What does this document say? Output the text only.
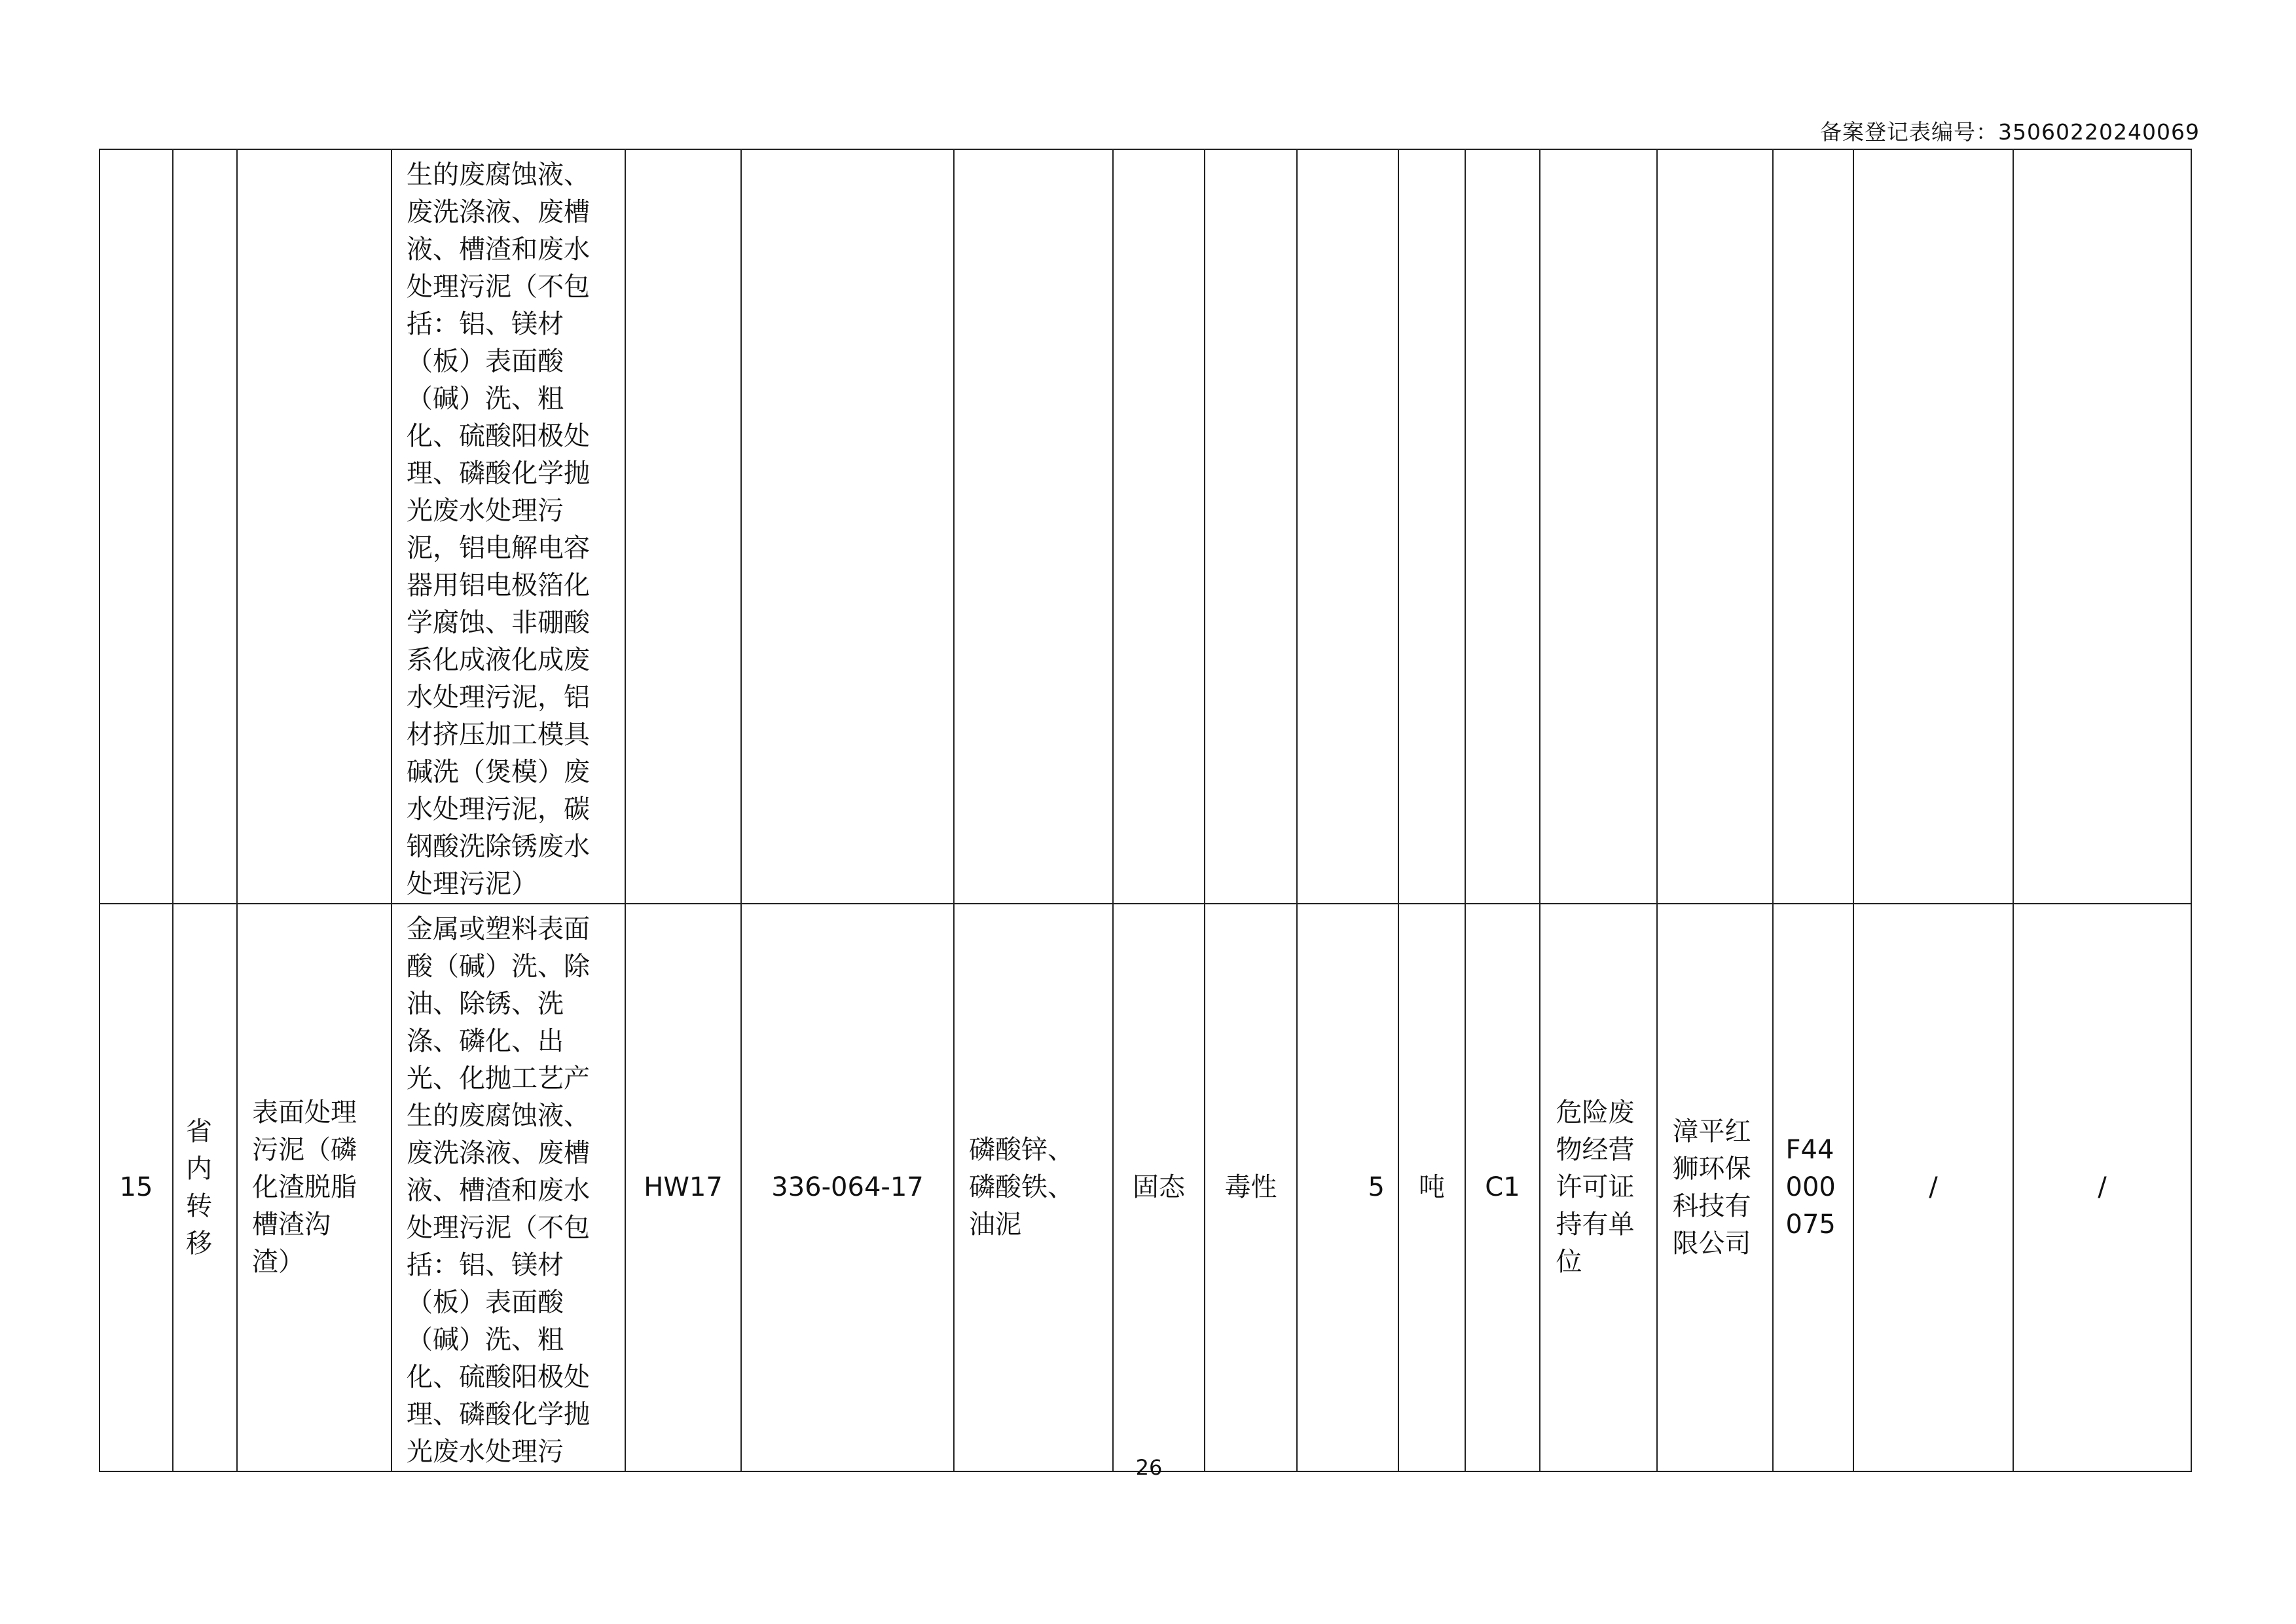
备案登记表编号：35060220240069

			生的废腐蚀液、废洗涤液、废槽液、槽渣和废水处理污泥（不包括：铝、镁材（板）表面酸（碱）洗、粗化、硫酸阳极处理、磷酸化学抛光废水处理污泥，铝电解电容器用铝电极箔化学腐蚀、非硼酸系化成液化成废水处理污泥，铝材挤压加工模具碱洗（煲模）废水处理污泥，碳钢酸洗除锈废水处理污泥）													

15	省内转移	表面处理污泥（磷化渣脱脂槽渣沟渣）	金属或塑料表面酸（碱）洗、除油、除锈、洗涤、磷化、出光、化抛工艺产生的废腐蚀液、废洗涤液、废槽液、槽渣和废水处理污泥（不包括：铝、镁材（板）表面酸（碱）洗、粗化、硫酸阳极处理、磷酸化学抛光废水处理污	HW17	336-064-17	磷酸锌、磷酸铁、油泥	固态	毒性	5	吨	C1	危险废物经营许可证持有单位	漳平红狮环保科技有限公司	F44000075	/	/
26
